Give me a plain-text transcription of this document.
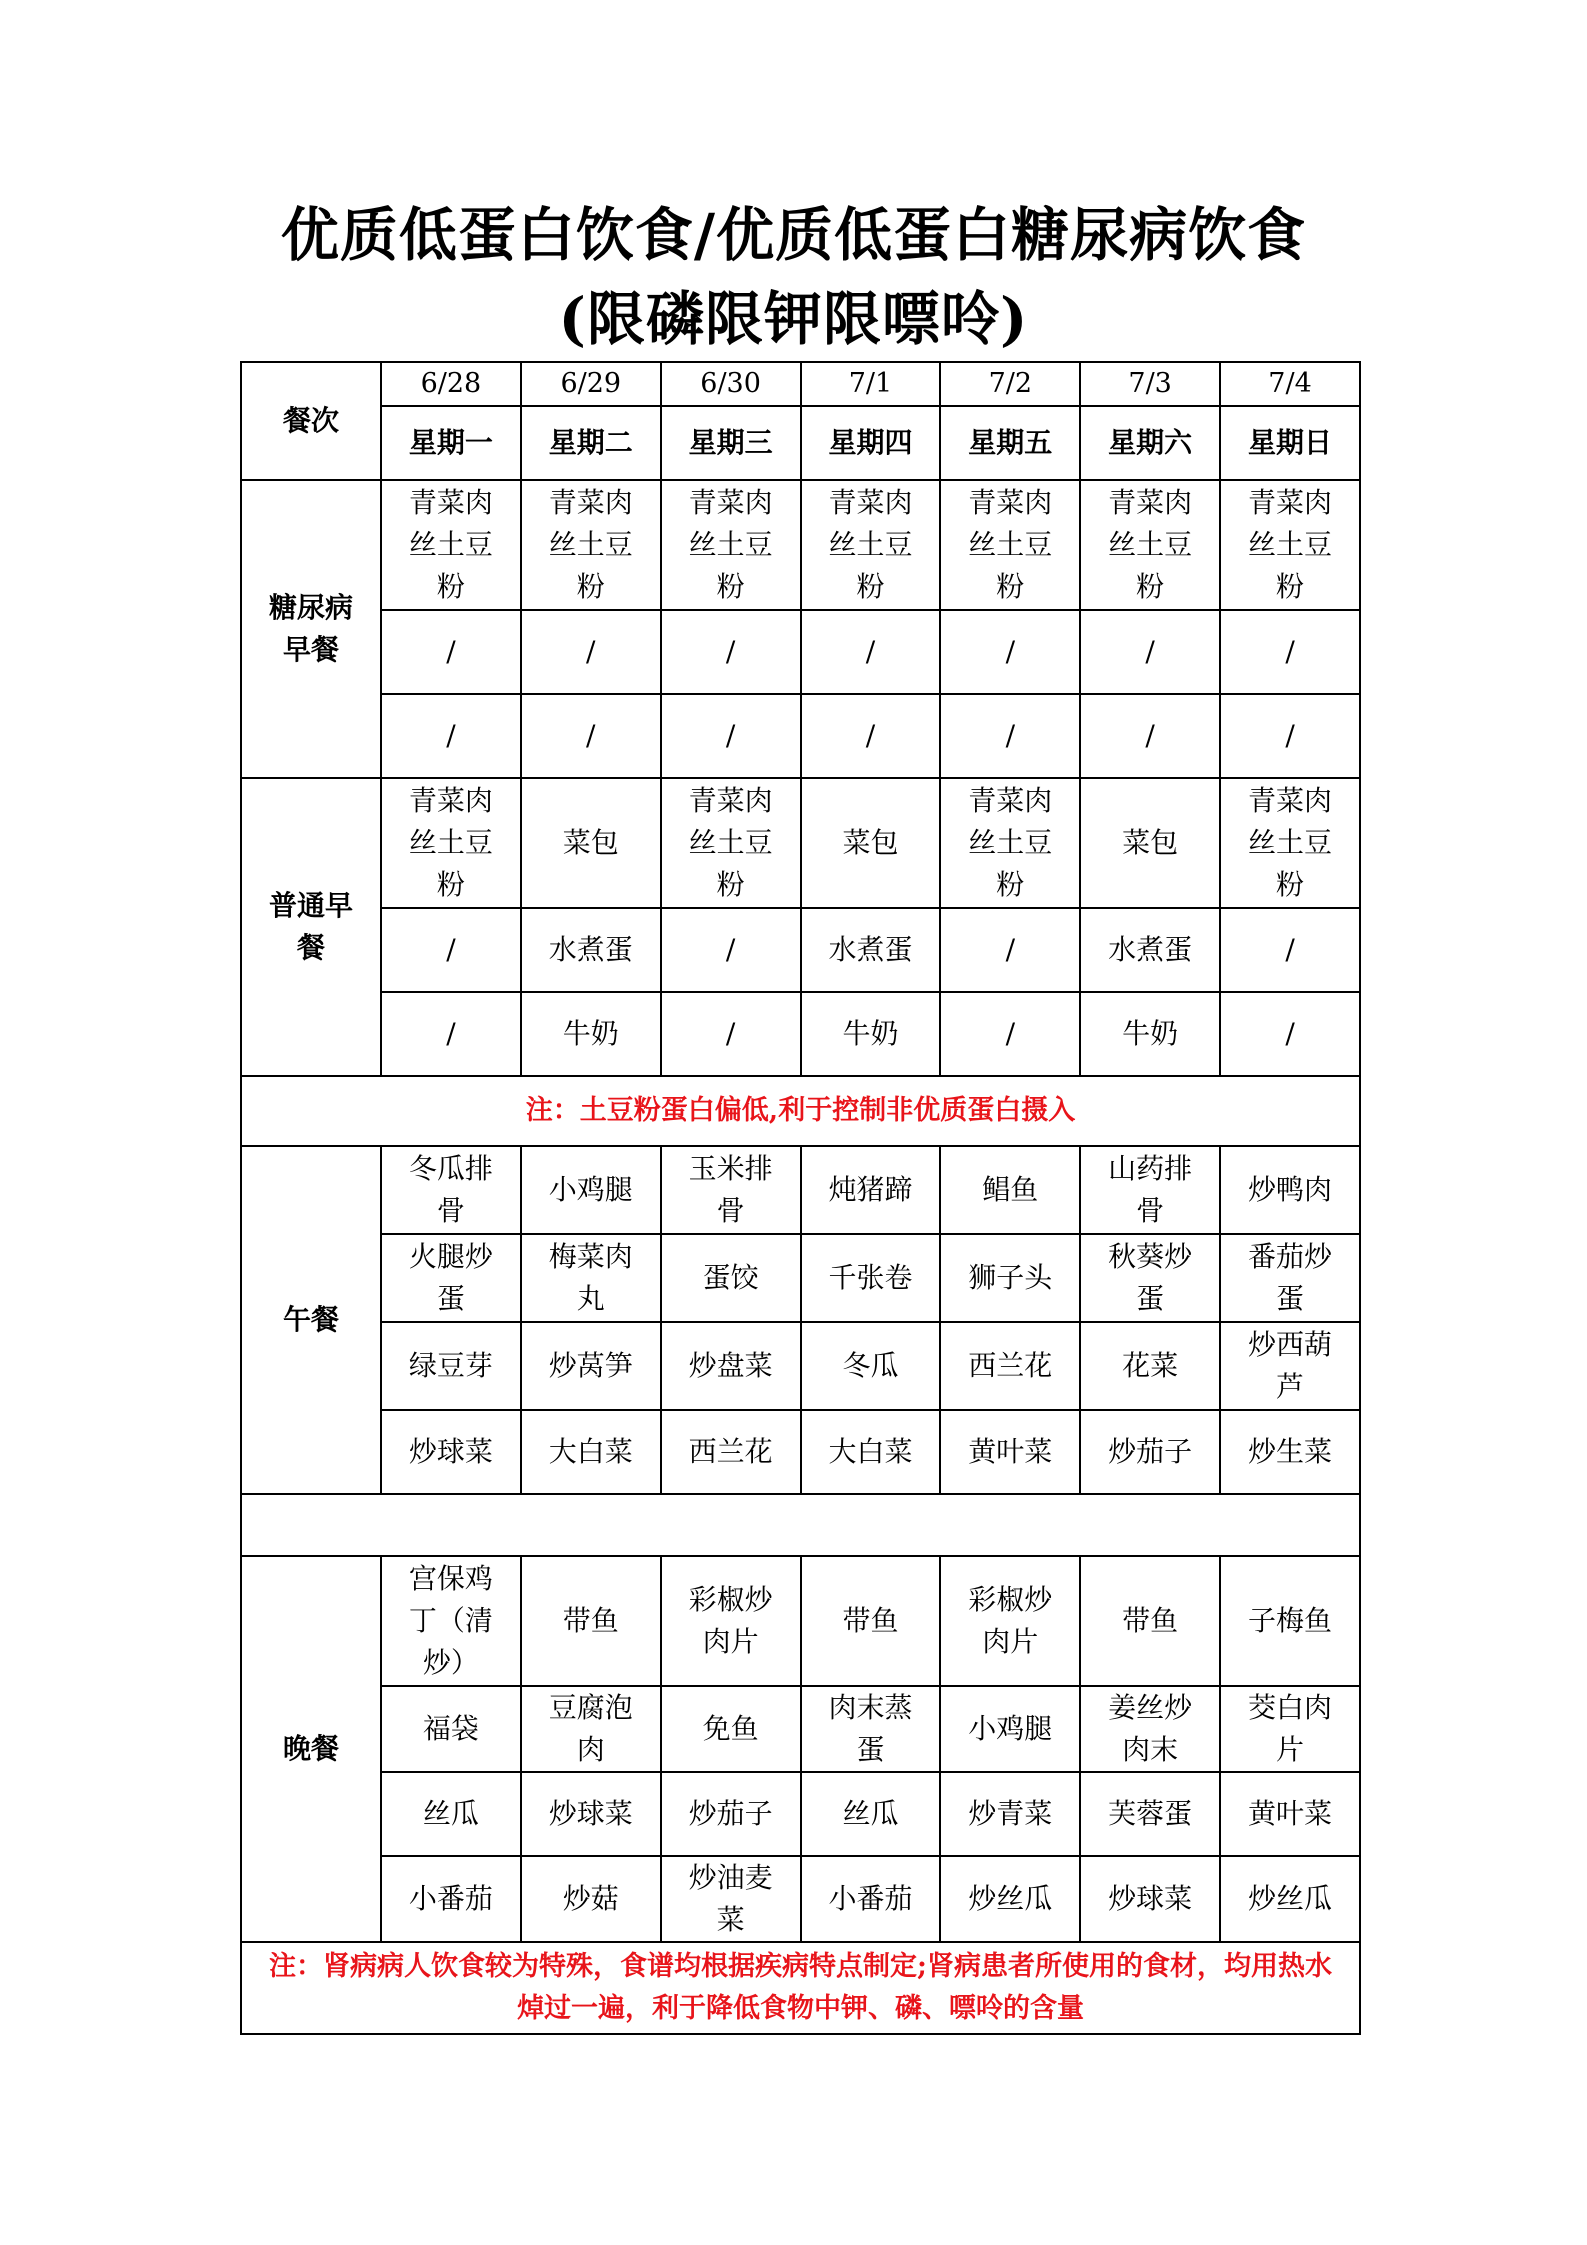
优质低蛋白饮食/优质低蛋白糖尿病饮食
(限磷限钾限嘌呤)
餐次	6/28	6/29	6/30	7/1	7/2	7/3	7/4
	星期一	星期二	星期三	星期四	星期五	星期六	星期日
糖尿病早餐	青菜肉丝土豆粉	青菜肉丝土豆粉	青菜肉丝土豆粉	青菜肉丝土豆粉	青菜肉丝土豆粉	青菜肉丝土豆粉	青菜肉丝土豆粉
	/	/	/	/	/	/	/
	/	/	/	/	/	/	/
普通早餐	青菜肉丝土豆粉	菜包	青菜肉丝土豆粉	菜包	青菜肉丝土豆粉	菜包	青菜肉丝土豆粉
	/	水煮蛋	/	水煮蛋	/	水煮蛋	/
	/	牛奶	/	牛奶	/	牛奶	/
注：土豆粉蛋白偏低,利于控制非优质蛋白摄入							
午餐	冬瓜排骨	小鸡腿	玉米排骨	炖猪蹄	鲳鱼	山药排骨	炒鸭肉
	火腿炒蛋	梅菜肉丸	蛋饺	千张卷	狮子头	秋葵炒蛋	番茄炒蛋
	绿豆芽	炒莴笋	炒盘菜	冬瓜	西兰花	花菜	炒西葫芦
	炒球菜	大白菜	西兰花	大白菜	黄叶菜	炒茄子	炒生菜

晚餐	宫保鸡丁（清炒）	带鱼	彩椒炒肉片	带鱼	彩椒炒肉片	带鱼	子梅鱼
	福袋	豆腐泡肉	免鱼	肉末蒸蛋	小鸡腿	姜丝炒肉末	茭白肉片
	丝瓜	炒球菜	炒茄子	丝瓜	炒青菜	芙蓉蛋	黄叶菜
	小番茄	炒菇	炒油麦菜	小番茄	炒丝瓜	炒球菜	炒丝瓜
注：肾病病人饮食较为特殊，食谱均根据疾病特点制定;肾病患者所使用的食材，均用热水焯过一遍，利于降低食物中钾、磷、嘌呤的含量							
